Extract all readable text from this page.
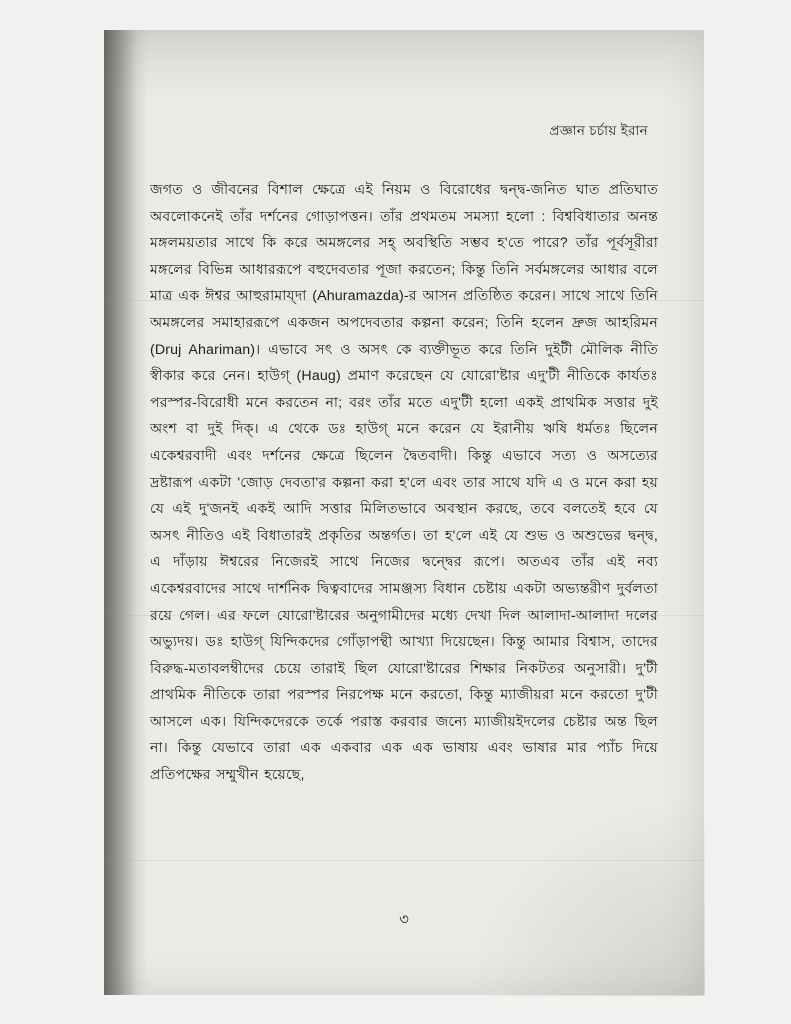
প্রজ্ঞান চর্চায় ইরান

জগত ও জীবনের বিশাল ক্ষেত্রে এই নিয়ম ও বিরোধের দ্বন্দ্ব-জনিত ঘাত প্রতিঘাত অবলোকনেই তাঁর দর্শনের গোড়াপত্তন। তাঁর প্রথমতম সমস্যা হলো : বিশ্ববিধাতার অনন্ত মঙ্গলময়তার সাথে কি করে অমঙ্গলের সহ্ অবস্থিতি সম্ভব হ'তে পারে? তাঁর পূর্বসূরীরা মঙ্গলের বিভিন্ন আধাররূপে বহুদেবতার পূজা করতেন; কিন্তু তিনি সর্বমঙ্গলের আধার বলে মাত্র এক ঈশ্বর আহুরামায্‌দা (Ahuramazda)-র আসন প্রতিষ্ঠিত করেন। সাথে সাথে তিনি অমঙ্গলের সমাহাররূপে একজন অপদেবতার কল্পনা করেন; তিনি হলেন দ্রুজ আহরিমন (Druj Ahariman)। এভাবে সৎ ও অসৎ কে ব্যক্তীভূত করে তিনি দুইটী মৌলিক নীতি স্বীকার করে নেন। হাউগ্‌ (Haug) প্রমাণ করেছেন যে যোরো'ষ্টার এদু'টী নীতিকে কার্যতঃ পরস্পর-বিরোধী মনে করতেন না; বরং তাঁর মতে এদু'টী হলো একই প্রাথমিক সত্তার দুই অংশ বা দুই দিক্। এ থেকে ডঃ হাউগ্ মনে করেন যে ইরানীয় ঋষি ধর্মতঃ ছিলেন একেশ্বরবাদী এবং দর্শনের ক্ষেত্রে ছিলেন দ্বৈতবাদী। কিন্তু এভাবে সত্য ও অসত্যের দ্রষ্টারূপ একটা 'জোড় দেবতা'র কল্পনা করা হ'লে এবং তার সাথে যদি এ ও মনে করা হয় যে এই দু'জনই একই আদি সত্তার মিলিতভাবে অবস্থান করছে, তবে বলতেই হবে যে অসৎ নীতিও এই বিধাতারই প্রকৃতির অন্তর্গত। তা হ'লে এই যে শুভ ও অশুভের দ্বন্দ্ব, এ দাঁড়ায় ঈশ্বরের নিজেরই সাথে নিজের দ্বন্দ্বের রূপে। অতএব তাঁর এই নব্য একেশ্বরবাদের সাথে দার্শনিক দ্বিত্ববাদের সামঞ্জস্য বিধান চেষ্টায় একটা অভ্যন্তরীণ দুর্বলতা রয়ে গেল। এর ফলে যোরো'ষ্টারের অনুগামীদের মধ্যে দেখা দিল আলাদা-আলাদা দলের অভ্যুদয়। ডঃ হাউগ্ যিন্দিকদের গোঁড়াপন্থী আখ্যা দিয়েছেন। কিন্তু আমার বিশ্বাস, তাদের বিরুদ্ধ-মতাবলম্বীদের চেয়ে তারাই ছিল যোরো'ষ্টারের শিক্ষার নিকটতর অনুসারী। দু'টী প্রাথমিক নীতিকে তারা পরস্পর নিরপেক্ষ মনে করতো, কিন্তু ম্যাজীয়রা মনে করতো দু'টী আসলে এক। যিন্দিকদেরকে তর্কে পরাস্ত করবার জন্যে ম্যাজীয়ইদলের চেষ্টার অন্ত ছিল না। কিন্তু যেভাবে তারা এক একবার এক এক ভাষায় এবং ভাষার মার প্যাঁচ দিয়ে প্রতিপক্ষের সম্মুখীন হয়েছে,

৩
